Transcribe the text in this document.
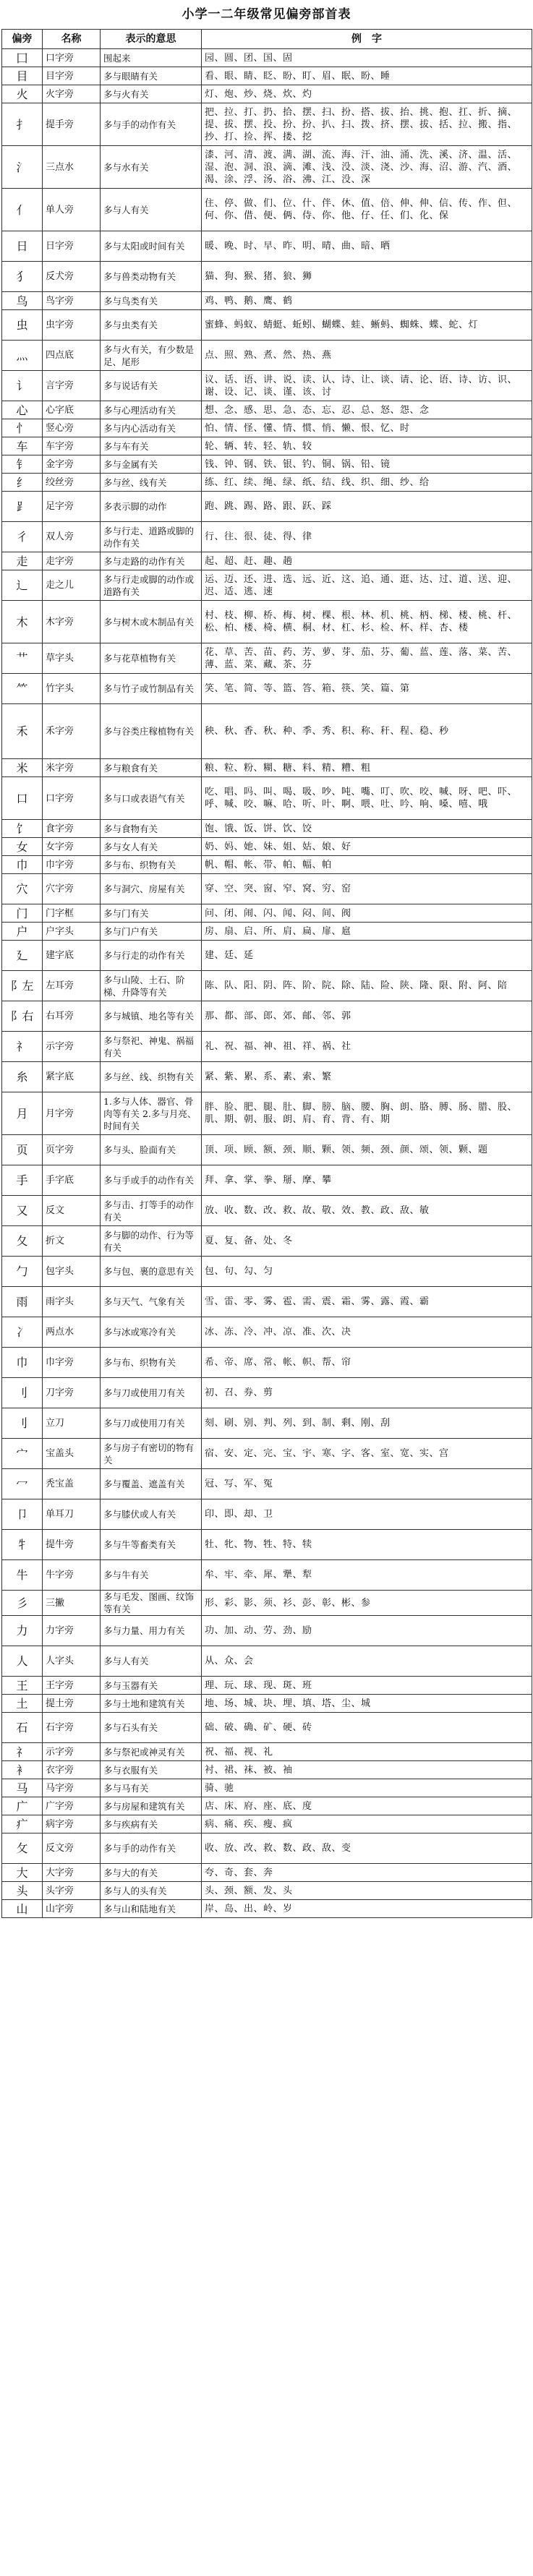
小学一二年级常见偏旁部首表
偏旁	名称	表示的意思	例　字
囗	口字旁	围起来	园、圆、团、国、固
目	目字旁	多与眼睛有关	看、眼、睛、眨、盼、盯、眉、眠、盼、睡
火	火字旁	多与火有关	灯、炮、炒、烧、炊、灼
扌	提手旁	多与手的动作有关	把、拉、打、扔、拾、摆、扫、扮、搭、拔、抬、挑、抱、扛、折、摘、提、拔、摆、投、扮、扮、扒、扫、拨、挤、摆、拔、括、拉、搬、指、抄、打、捡、挥、搂、挖
氵	三点水	多与水有关	漆、河、清、渡、满、湖、流、海、汗、油、涌、洗、溪、济、温、活、湿、泡、洞、浪、滴、滩、浅、没、淡、浇、沙、海、沼、游、汽、酒、渴、涂、浮、汤、浴、沸、江、没、深
亻	单人旁	多与人有关	住、停、做、们、位、什、伴、休、值、倍、伸、伸、信、传、作、但、何、你、借、便、俩、侍、你、他、仔、任、们、化、保
日	日字旁	多与太阳或时间有关	暖、晚、时、早、昨、明、晴、曲、暗、晒
犭	反犬旁	多与兽类动物有关	猫、狗、猴、猪、狼、狮
鸟	鸟字旁	多与鸟类有关	鸡、鸭、鹅、鹰、鹤
虫	虫字旁	多与虫类有关	蜜蜂、蚂蚁、蜻蜓、蚯蚓、蝴蝶、蛙、蜥蚂、蜘蛛、蝶、蛇、灯
灬	四点底	多与火有关，有少数是足、尾形	点、照、熟、煮、然、热、燕
讠	言字旁	多与说话有关	议、话、语、讲、说、读、认、诗、让、谈、请、论、语、诗、访、识、谢、设、记、谈、谨、该、讨
心	心字底	多与心理活动有关	想、念、感、思、急、态、忘、忍、总、怒、怨、念
忄	竖心旁	多与内心活动有关	怕、情、怪、懂、情、惯、悄、懒、恨、忆、时
车	车字旁	多与车有关	轮、辆、转、轻、轨、较
钅	金字旁	多与金属有关	钱、钟、钢、铁、银、钓、铜、锅、铅、镜
纟	绞丝旁	多与丝、线有关	练、红、续、绳、绿、纸、结、线、织、细、纱、给
⻊	足字旁	多表示脚的动作	跑、跳、踢、路、跟、跃、踩
彳	双人旁	多与行走、道路或脚的动作有关	行、往、很、徒、得、律
走	走字旁	多与走路的动作有关	起、超、赶、趣、趟
辶	走之儿	多与行走或脚的动作或道路有关	运、迈、还、进、选、远、近、这、追、通、逛、达、过、道、送、迎、迟、适、逃、速
木	木字旁	多与树木或木制品有关	村、枝、柳、桥、梅、树、棵、根、林、机、桃、柄、梯、楼、桃、杆、松、柏、楼、椅、横、桐、材、杠、杉、检、杯、样、杏、楼
艹	草字头	多与花草植物有关	花、草、苦、苗、药、芳、萝、芽、茄、芬、葡、蓝、莲、落、菜、苦、薄、蓝、菜、藏、茶、芬
⺮	竹字头	多与竹子或竹制品有关	笑、笔、简、等、篮、答、箱、筷、笑、篇、第
禾	禾字旁	多与谷类庄稼植物有关	秧、秋、香、秋、种、季、秀、积、称、秆、程、稳、秒
米	米字旁	多与粮食有关	粮、粒、粉、糊、糖、料、精、糟、粗
口	口字旁	多与口或表语气有关	吃、唱、吗、叫、喝、吸、吵、吨、嘴、叮、吹、咬、喊、呀、吧、吓、呼、喊、咬、嘛、哈、听、叶、啊、喂、吐、吟、响、嗓、嘻、哦
饣	食字旁	多与食物有关	饱、饿、饭、饼、饮、饺
女	女字旁	多与女人有关	奶、妈、她、妹、姐、姑、娘、好
巾	巾字旁	多与布、织物有关	帆、帽、帐、带、帕、幅、帕
穴	穴字旁	多与洞穴、房屋有关	穿、空、突、窗、窄、窝、穷、窑
门	门字框	多与门有关	问、闭、闹、闪、闻、闷、间、阀
户	户字头	多与门户有关	房、扇、启、所、肩、扁、扉、扈
廴	建字底	多与行走的动作有关	建、廷、延
阝左	左耳旁	多与山陵、土石、阶梯、升降等有关	陈、队、阳、阴、阵、阶、院、除、陆、险、陕、隆、限、附、阿、陪
阝右	右耳旁	多与城镇、地名等有关	那、都、部、郎、郊、邮、邻、郭
礻	示字旁	多与祭祀、神鬼、祸福有关	礼、祝、福、神、祖、祥、祸、社
糸	紧字底	多与丝、线、织物有关	紧、紫、累、系、素、索、繁
月	月字旁	1.多与人体、器官、骨肉等有关 2.多与月亮、时间有关	胖、脸、肥、腿、肚、脚、膀、脑、腰、胸、朗、胳、膊、肠、腊、股、肌、期、朝、服、朗、肩、育、背、有、期
页	页字旁	多与头、脸面有关	顶、项、顾、额、颈、顺、颗、领、频、颈、颜、颂、领、颗、题
手	手字底	多与手或手的动作有关	拜、拿、掌、拳、掰、摩、攀
又	反文	多与击、打等手的动作有关	放、收、数、改、救、故、敬、效、教、政、敌、敏
夂	折文	多与脚的动作、行为等有关	夏、复、备、处、冬
勹	包字头	多与包、裹的意思有关	包、句、勾、匀
雨	雨字头	多与天气、气象有关	雪、雷、零、雾、雹、需、震、霜、雾、露、霞、霸
冫	两点水	多与冰或寒冷有关	冰、冻、冷、冲、凉、准、次、决
巾	巾字旁	多与布、织物有关	希、帝、席、常、帐、帜、帮、帘
刂	刀字旁	多与刀或使用刀有关	初、召、券、剪
刂	立刀	多与刀或使用刀有关	刻、刷、别、判、列、到、制、剩、刚、刮
宀	宝盖头	多与房子有密切的物有关	宿、安、定、完、宝、宇、寒、字、客、室、宽、实、宫
冖	秃宝盖	多与覆盖、遮盖有关	冠、写、军、冤
卩	单耳刀	多与膝伏或人有关	印、即、却、卫
牜	提牛旁	多与牛等畜类有关	牡、牝、物、牲、特、犊
牛	牛字旁	多与牛有关	牟、牢、牵、犀、犟、犁
彡	三撇	多与毛发、图画、纹饰等有关	形、彩、影、须、衫、彭、彰、彬、参
力	力字旁	多与力量、用力有关	功、加、动、劳、劲、励
人	人字头	多与人有关	从、众、会
王	王字旁	多与玉器有关	理、玩、球、现、斑、班
土	提土旁	多与土地和建筑有关	地、场、城、块、埋、填、塔、尘、城
石	石字旁	多与石头有关	础、破、确、矿、硬、砖
礻	示字旁	多与祭祀或神灵有关	祝、福、视、礼
衤	衣字旁	多与衣服有关	衬、裙、袜、被、袖
马	马字旁	多与马有关	骑、驰
广	广字旁	多与房屋和建筑有关	店、床、府、座、底、度
疒	病字旁	多与疾病有关	病、痛、疾、瘦、疯
攵	反文旁	多与手的动作有关	收、放、改、救、数、政、敌、变
大	大字旁	多与大的有关	夸、奇、套、奔
头	头字旁	多与人的头有关	头、颈、额、发、头
山	山字旁	多与山和陆地有关	岸、岛、出、岭、岁
